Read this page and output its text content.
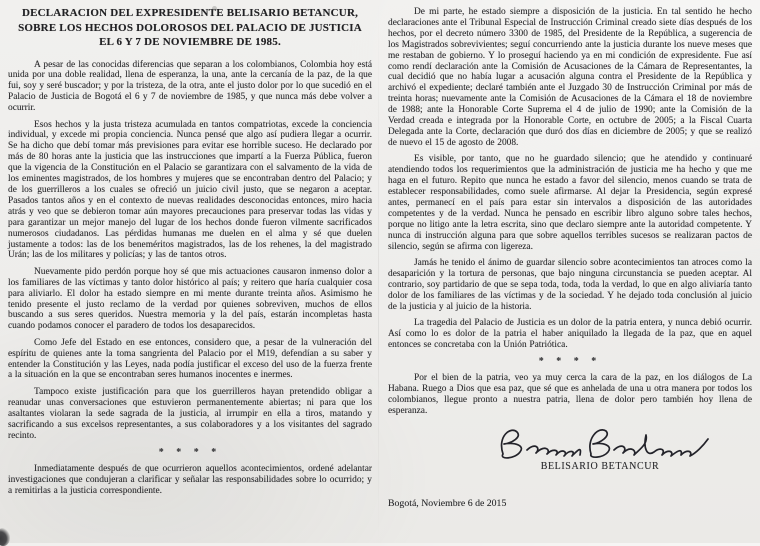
DECLARACION DEL EXPRESIDENTE BELISARIO BETANCUR,
SOBRE LOS HECHOS DOLOROSOS DEL PALACIO DE JUSTICIA
EL 6 Y 7 DE NOVIEMBRE DE 1985.

A pesar de las conocidas diferencias que separan a los colombianos, Colombia hoy está unida por una doble realidad, llena de esperanza, la una, ante la cercanía de la paz, de la que fui, soy y seré buscador; y por la tristeza, de la otra, ante el justo dolor por lo que sucedió en el Palacio de Justicia de Bogotá el 6 y 7 de noviembre de 1985, y que nunca más debe volver a ocurrir.

Esos hechos y la justa tristeza acumulada en tantos compatriotas, excede la conciencia individual, y excede mi propia conciencia. Nunca pensé que algo así pudiera llegar a ocurrir. Se ha dicho que debí tomar más previsiones para evitar ese horrible suceso. He declarado por más de 80 horas ante la justicia que las instrucciones que impartí a la Fuerza Pública, fueron que la vigencia de la Constitución en el Palacio se garantizara con el salvamento de la vida de los eminentes magistrados, de los hombres y mujeres que se encontraban dentro del Palacio; y de los guerrilleros a los cuales se ofreció un juicio civil justo, que se negaron a aceptar. Pasados tantos años y en el contexto de nuevas realidades desconocidas entonces, miro hacia atrás y veo que se debieron tomar aún mayores precauciones para preservar todas las vidas y para garantizar un mejor manejo del lugar de los hechos donde fueron vilmente sacrificados numerosos ciudadanos. Las pérdidas humanas me duelen en el alma y sé que duelen justamente a todos: las de los beneméritos magistrados, las de los rehenes, la del magistrado Urán; las de los militares y policías; y las de tantos otros.

Nuevamente pido perdón porque hoy sé que mis actuaciones causaron inmenso dolor a los familiares de las víctimas y tanto dolor histórico al país; y reitero que haría cualquier cosa para aliviarlo. El dolor ha estado siempre en mi mente durante treinta años. Asimismo he tenido presente el justo reclamo de la verdad por quienes sobreviven, muchos de ellos buscando a sus seres queridos. Nuestra memoria y la del país, estarán incompletas hasta cuando podamos conocer el paradero de todos los desaparecidos.

Como Jefe del Estado en ese entonces, considero que, a pesar de la vulneración del espíritu de quienes ante la toma sangrienta del Palacio por el M19, defendían a su saber y entender la Constitución y las Leyes, nada podía justificar el exceso del uso de la fuerza frente a la situación en la que se encontraban seres humanos inocentes e inermes.

Tampoco existe justificación para que los guerrilleros hayan pretendido obligar a reanudar unas conversaciones que estuvieron permanentemente abiertas; ni para que los asaltantes violaran la sede sagrada de la justicia, al irrumpir en ella a tiros, matando y sacrificando a sus excelsos representantes, a sus colaboradores y a los visitantes del sagrado recinto.

* * * *

Inmediatamente después de que ocurrieron aquellos acontecimientos, ordené adelantar investigaciones que condujeran a clarificar y señalar las responsabilidades sobre lo ocurrido; y a remitirlas a la justicia correspondiente.

De mi parte, he estado siempre a disposición de la justicia. En tal sentido he hecho declaraciones ante el Tribunal Especial de Instrucción Criminal creado siete días después de los hechos, por el decreto número 3300 de 1985, del Presidente de la República, a sugerencia de los Magistrados sobrevivientes; seguí concurriendo ante la justicia durante los nueve meses que me restaban de gobierno. Y lo proseguí haciendo ya en mi condición de expresidente. Fue así como rendí declaración ante la Comisión de Acusaciones de la Cámara de Representantes, la cual decidió que no había lugar a acusación alguna contra el Presidente de la República y archivó el expediente; declaré también ante el Juzgado 30 de Instrucción Criminal por más de treinta horas; nuevamente ante la Comisión de Acusaciones de la Cámara el 18 de noviembre de 1988; ante la Honorable Corte Suprema el 4 de julio de 1990; ante la Comisión de la Verdad creada e integrada por la Honorable Corte, en octubre de 2005; a la Fiscal Cuarta Delegada ante la Corte, declaración que duró dos días en diciembre de 2005; y que se realizó de nuevo el 15 de agosto de 2008.

Es visible, por tanto, que no he guardado silencio; que he atendido y continuaré atendiendo todos los requerimientos que la administración de justicia me ha hecho y que me haga en el futuro. Repito que nunca he estado a favor del silencio, menos cuando se trata de establecer responsabilidades, como suele afirmarse. Al dejar la Presidencia, según expresé antes, permanecí en el país para estar sin intervalos a disposición de las autoridades competentes y de la verdad. Nunca he pensado en escribir libro alguno sobre tales hechos, porque no litigo ante la letra escrita, sino que declaro siempre ante la autoridad competente. Y nunca di instrucción alguna para que sobre aquellos terribles sucesos se realizaran pactos de silencio, según se afirma con ligereza.

Jamás he tenido el ánimo de guardar silencio sobre acontecimientos tan atroces como la desaparición y la tortura de personas, que bajo ninguna circunstancia se pueden aceptar. Al contrario, soy partidario de que se sepa toda, toda, toda la verdad, lo que en algo aliviaría tanto dolor de los familiares de las víctimas y de la sociedad. Y he dejado toda conclusión al juicio de la justicia y al juicio de la historia.

La tragedia del Palacio de Justicia es un dolor de la patria entera, y nunca debió ocurrir. Así como lo es dolor de la patria el haber aniquilado la llegada de la paz, que en aquel entonces se concretaba con la Unión Patriótica.

* * * *

Por el bien de la patria, veo ya muy cerca la cara de la paz, en los diálogos de La Habana. Ruego a Dios que esa paz, que sé que es anhelada de una u otra manera por todos los colombianos, llegue pronto a nuestra patria, llena de dolor pero también hoy llena de esperanza.

BELISARIO BETANCUR
Bogotá, Noviembre 6 de 2015
